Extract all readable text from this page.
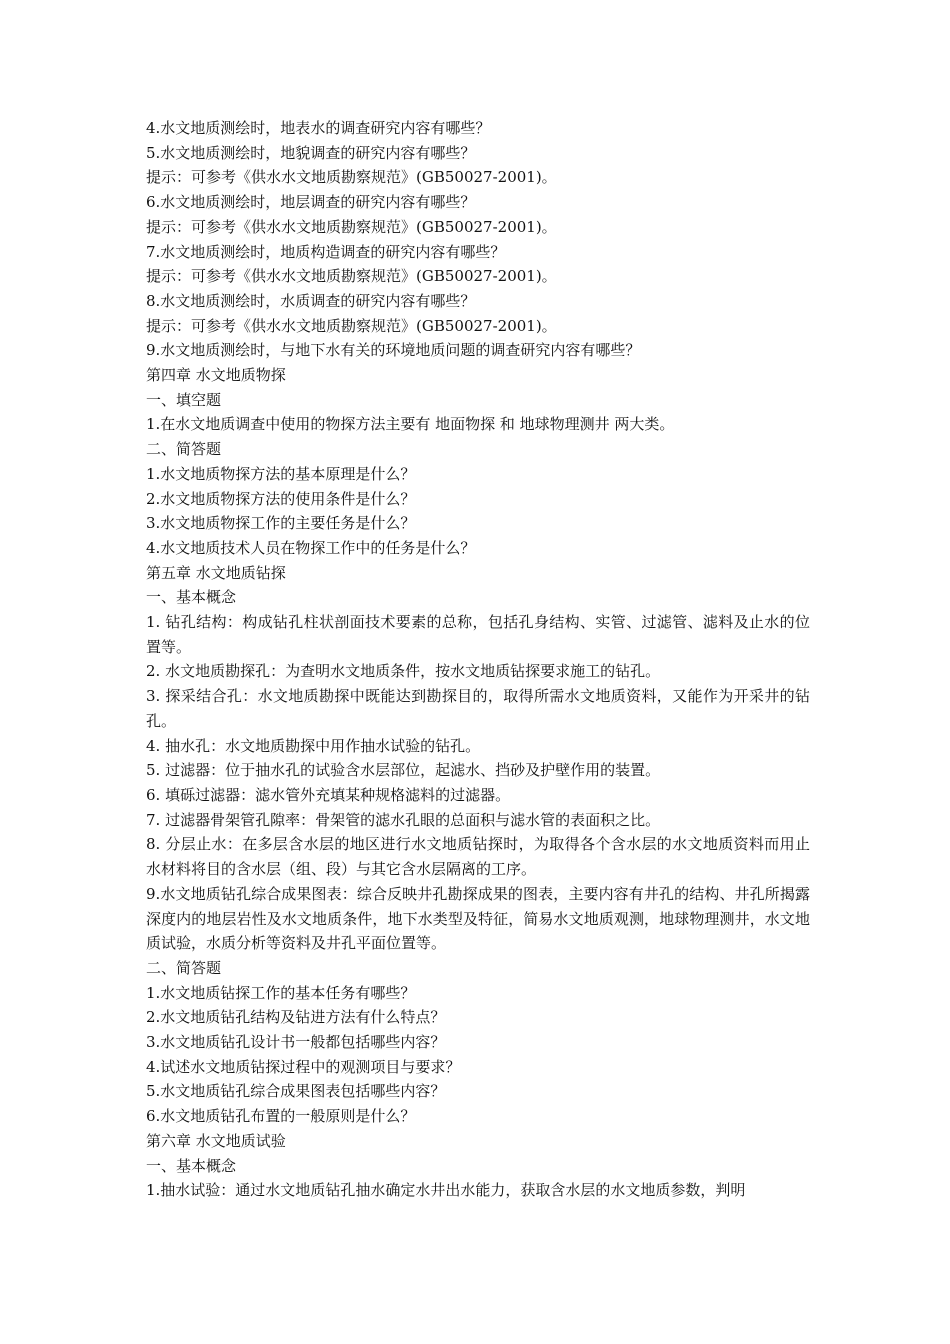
4.水文地质测绘时，地表水的调查研究内容有哪些？

5.水文地质测绘时，地貌调查的研究内容有哪些？

提示：可参考《供水水文地质勘察规范》(GB50027-2001)。

6.水文地质测绘时，地层调查的研究内容有哪些？

提示：可参考《供水水文地质勘察规范》(GB50027-2001)。

7.水文地质测绘时，地质构造调查的研究内容有哪些？

提示：可参考《供水水文地质勘察规范》(GB50027-2001)。

8.水文地质测绘时，水质调查的研究内容有哪些？

提示：可参考《供水水文地质勘察规范》(GB50027-2001)。

9.水文地质测绘时，与地下水有关的环境地质问题的调查研究内容有哪些？

第四章 水文地质物探

一、填空题

1.在水文地质调查中使用的物探方法主要有 地面物探 和 地球物理测井 两大类。

二、简答题

1.水文地质物探方法的基本原理是什么？

2.水文地质物探方法的使用条件是什么？

3.水文地质物探工作的主要任务是什么？

4.水文地质技术人员在物探工作中的任务是什么？

第五章 水文地质钻探

一、基本概念

1. 钻孔结构：构成钻孔柱状剖面技术要素的总称，包括孔身结构、实管、过滤管、滤料及止水的位置等。

2. 水文地质勘探孔：为查明水文地质条件，按水文地质钻探要求施工的钻孔。

3. 探采结合孔：水文地质勘探中既能达到勘探目的，取得所需水文地质资料，又能作为开采井的钻孔。

4. 抽水孔：水文地质勘探中用作抽水试验的钻孔。

5. 过滤器：位于抽水孔的试验含水层部位，起滤水、挡砂及护壁作用的装置。

6. 填砾过滤器：滤水管外充填某种规格滤料的过滤器。

7. 过滤器骨架管孔隙率：骨架管的滤水孔眼的总面积与滤水管的表面积之比。

8. 分层止水：在多层含水层的地区进行水文地质钻探时，为取得各个含水层的水文地质资料而用止水材料将目的含水层（组、段）与其它含水层隔离的工序。

9.水文地质钻孔综合成果图表：综合反映井孔勘探成果的图表，主要内容有井孔的结构、井孔所揭露深度内的地层岩性及水文地质条件，地下水类型及特征，简易水文地质观测，地球物理测井，水文地质试验，水质分析等资料及井孔平面位置等。

二、简答题

1.水文地质钻探工作的基本任务有哪些？

2.水文地质钻孔结构及钻进方法有什么特点？

3.水文地质钻孔设计书一般都包括哪些内容？

4.试述水文地质钻探过程中的观测项目与要求？

5.水文地质钻孔综合成果图表包括哪些内容？

6.水文地质钻孔布置的一般原则是什么？

第六章 水文地质试验

一、基本概念

1.抽水试验：通过水文地质钻孔抽水确定水井出水能力，获取含水层的水文地质参数，判明
